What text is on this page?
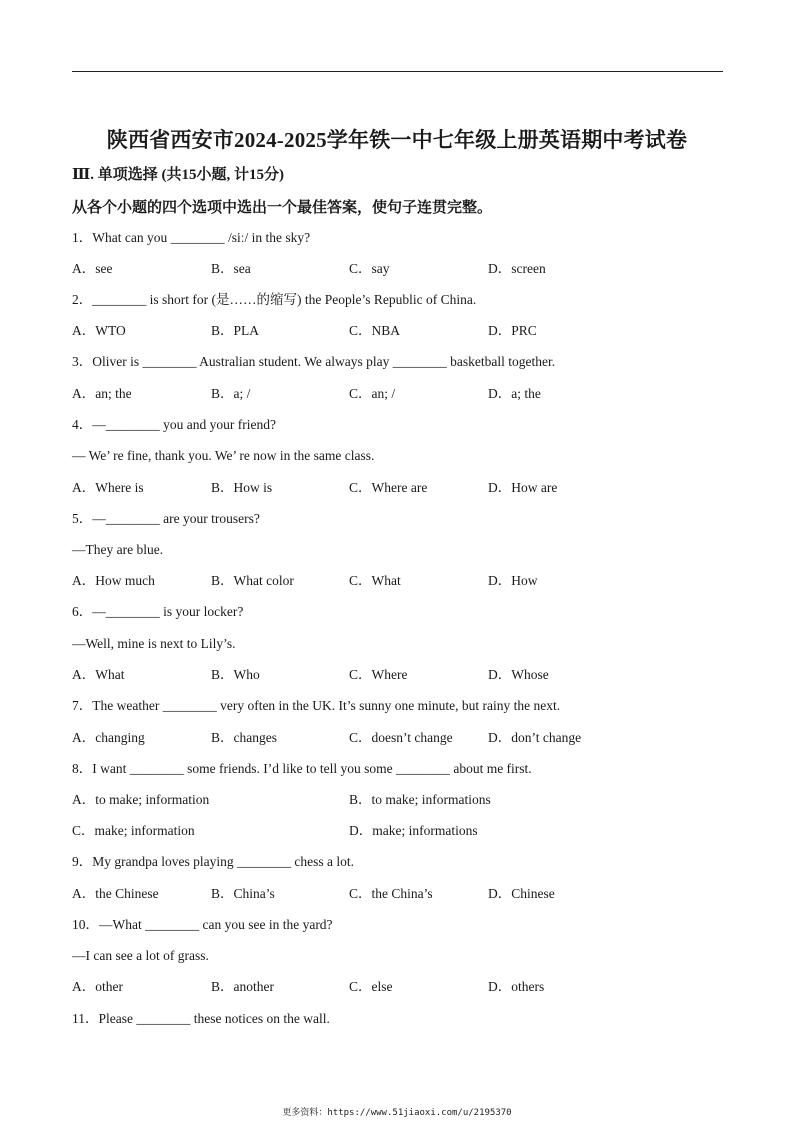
陕西省西安市2024-2025学年铁一中七年级上册英语期中考试卷
Ⅲ. 单项选择 (共15小题, 计15分)
从各个小题的四个选项中选出一个最佳答案，使句子连贯完整。
1．What can you ________ /siː/ in the sky?
A．see	B．sea	C．say	D．screen
2．________ is short for (是……的缩写) the People’s Republic of China.
A．WTO	B．PLA	C．NBA	D．PRC
3．Oliver is ________ Australian student. We always play ________ basketball together.
A．an; the	B．a; /	C．an; /	D．a; the
4．—________ you and your friend?
— We’ re fine, thank you. We’ re now in the same class.
A．Where is	B．How is	C．Where are	D．How are
5．—________ are your trousers?
—They are blue.
A．How much	B．What color	C．What	D．How
6．—________ is your locker?
—Well, mine is next to Lily’s.
A．What	B．Who	C．Where	D．Whose
7．The weather ________ very often in the UK. It’s sunny one minute, but rainy the next.
A．changing	B．changes	C．doesn’t change	D．don’t change
8．I want ________ some friends. I’d like to tell you some ________ about me first.
A．to make; information	B．to make; informations
C．make; information	D．make; informations
9．My grandpa loves playing ________ chess a lot.
A．the Chinese	B．China’s	C．the China’s	D．Chinese
10．—What ________ can you see in the yard?
—I can see a lot of grass.
A．other	B．another	C．else	D．others
11．Please ________ these notices on the wall.
更多资料：https://www.51jiaoxi.com/u/2195370
